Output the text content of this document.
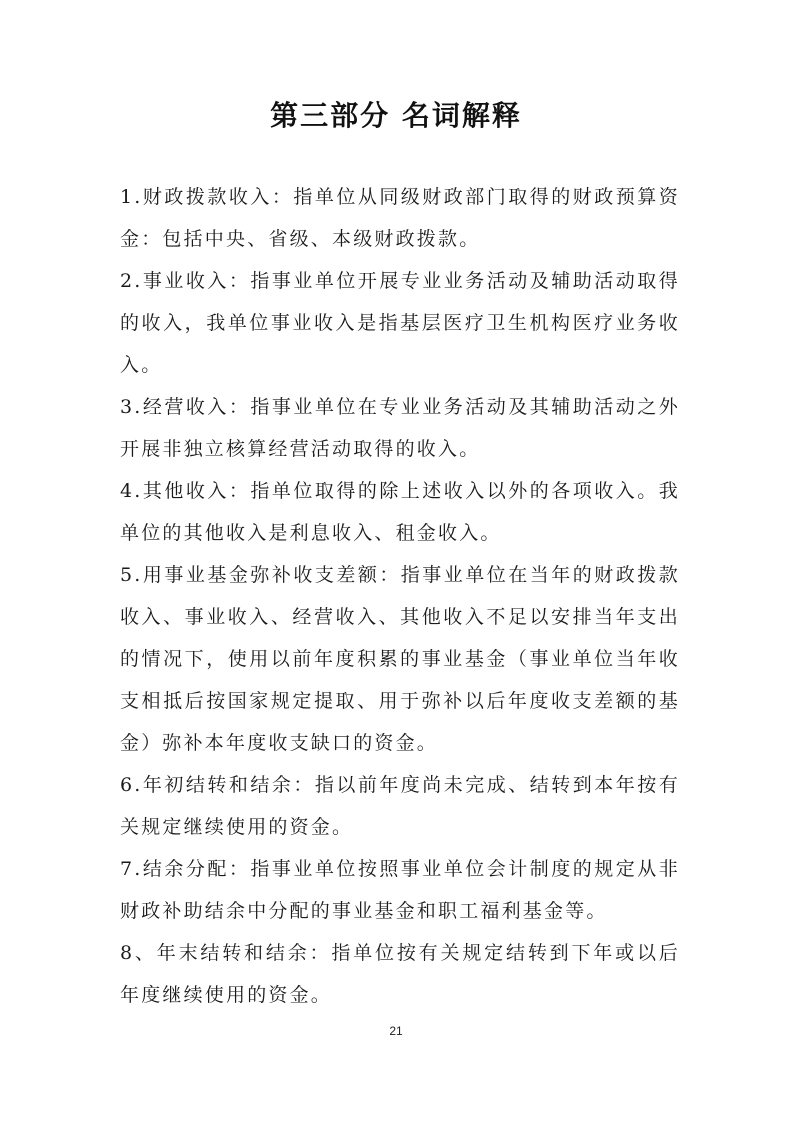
第三部分 名词解释

1.财政拨款收入：指单位从同级财政部门取得的财政预算资金：包括中央、省级、本级财政拨款。

2.事业收入：指事业单位开展专业业务活动及辅助活动取得的收入，我单位事业收入是指基层医疗卫生机构医疗业务收入。

3.经营收入：指事业单位在专业业务活动及其辅助活动之外开展非独立核算经营活动取得的收入。

4.其他收入：指单位取得的除上述收入以外的各项收入。我单位的其他收入是利息收入、租金收入。

5.用事业基金弥补收支差额：指事业单位在当年的财政拨款收入、事业收入、经营收入、其他收入不足以安排当年支出的情况下，使用以前年度积累的事业基金（事业单位当年收支相抵后按国家规定提取、用于弥补以后年度收支差额的基金）弥补本年度收支缺口的资金。

6.年初结转和结余：指以前年度尚未完成、结转到本年按有关规定继续使用的资金。

7.结余分配：指事业单位按照事业单位会计制度的规定从非财政补助结余中分配的事业基金和职工福利基金等。

8、年末结转和结余：指单位按有关规定结转到下年或以后年度继续使用的资金。

21
